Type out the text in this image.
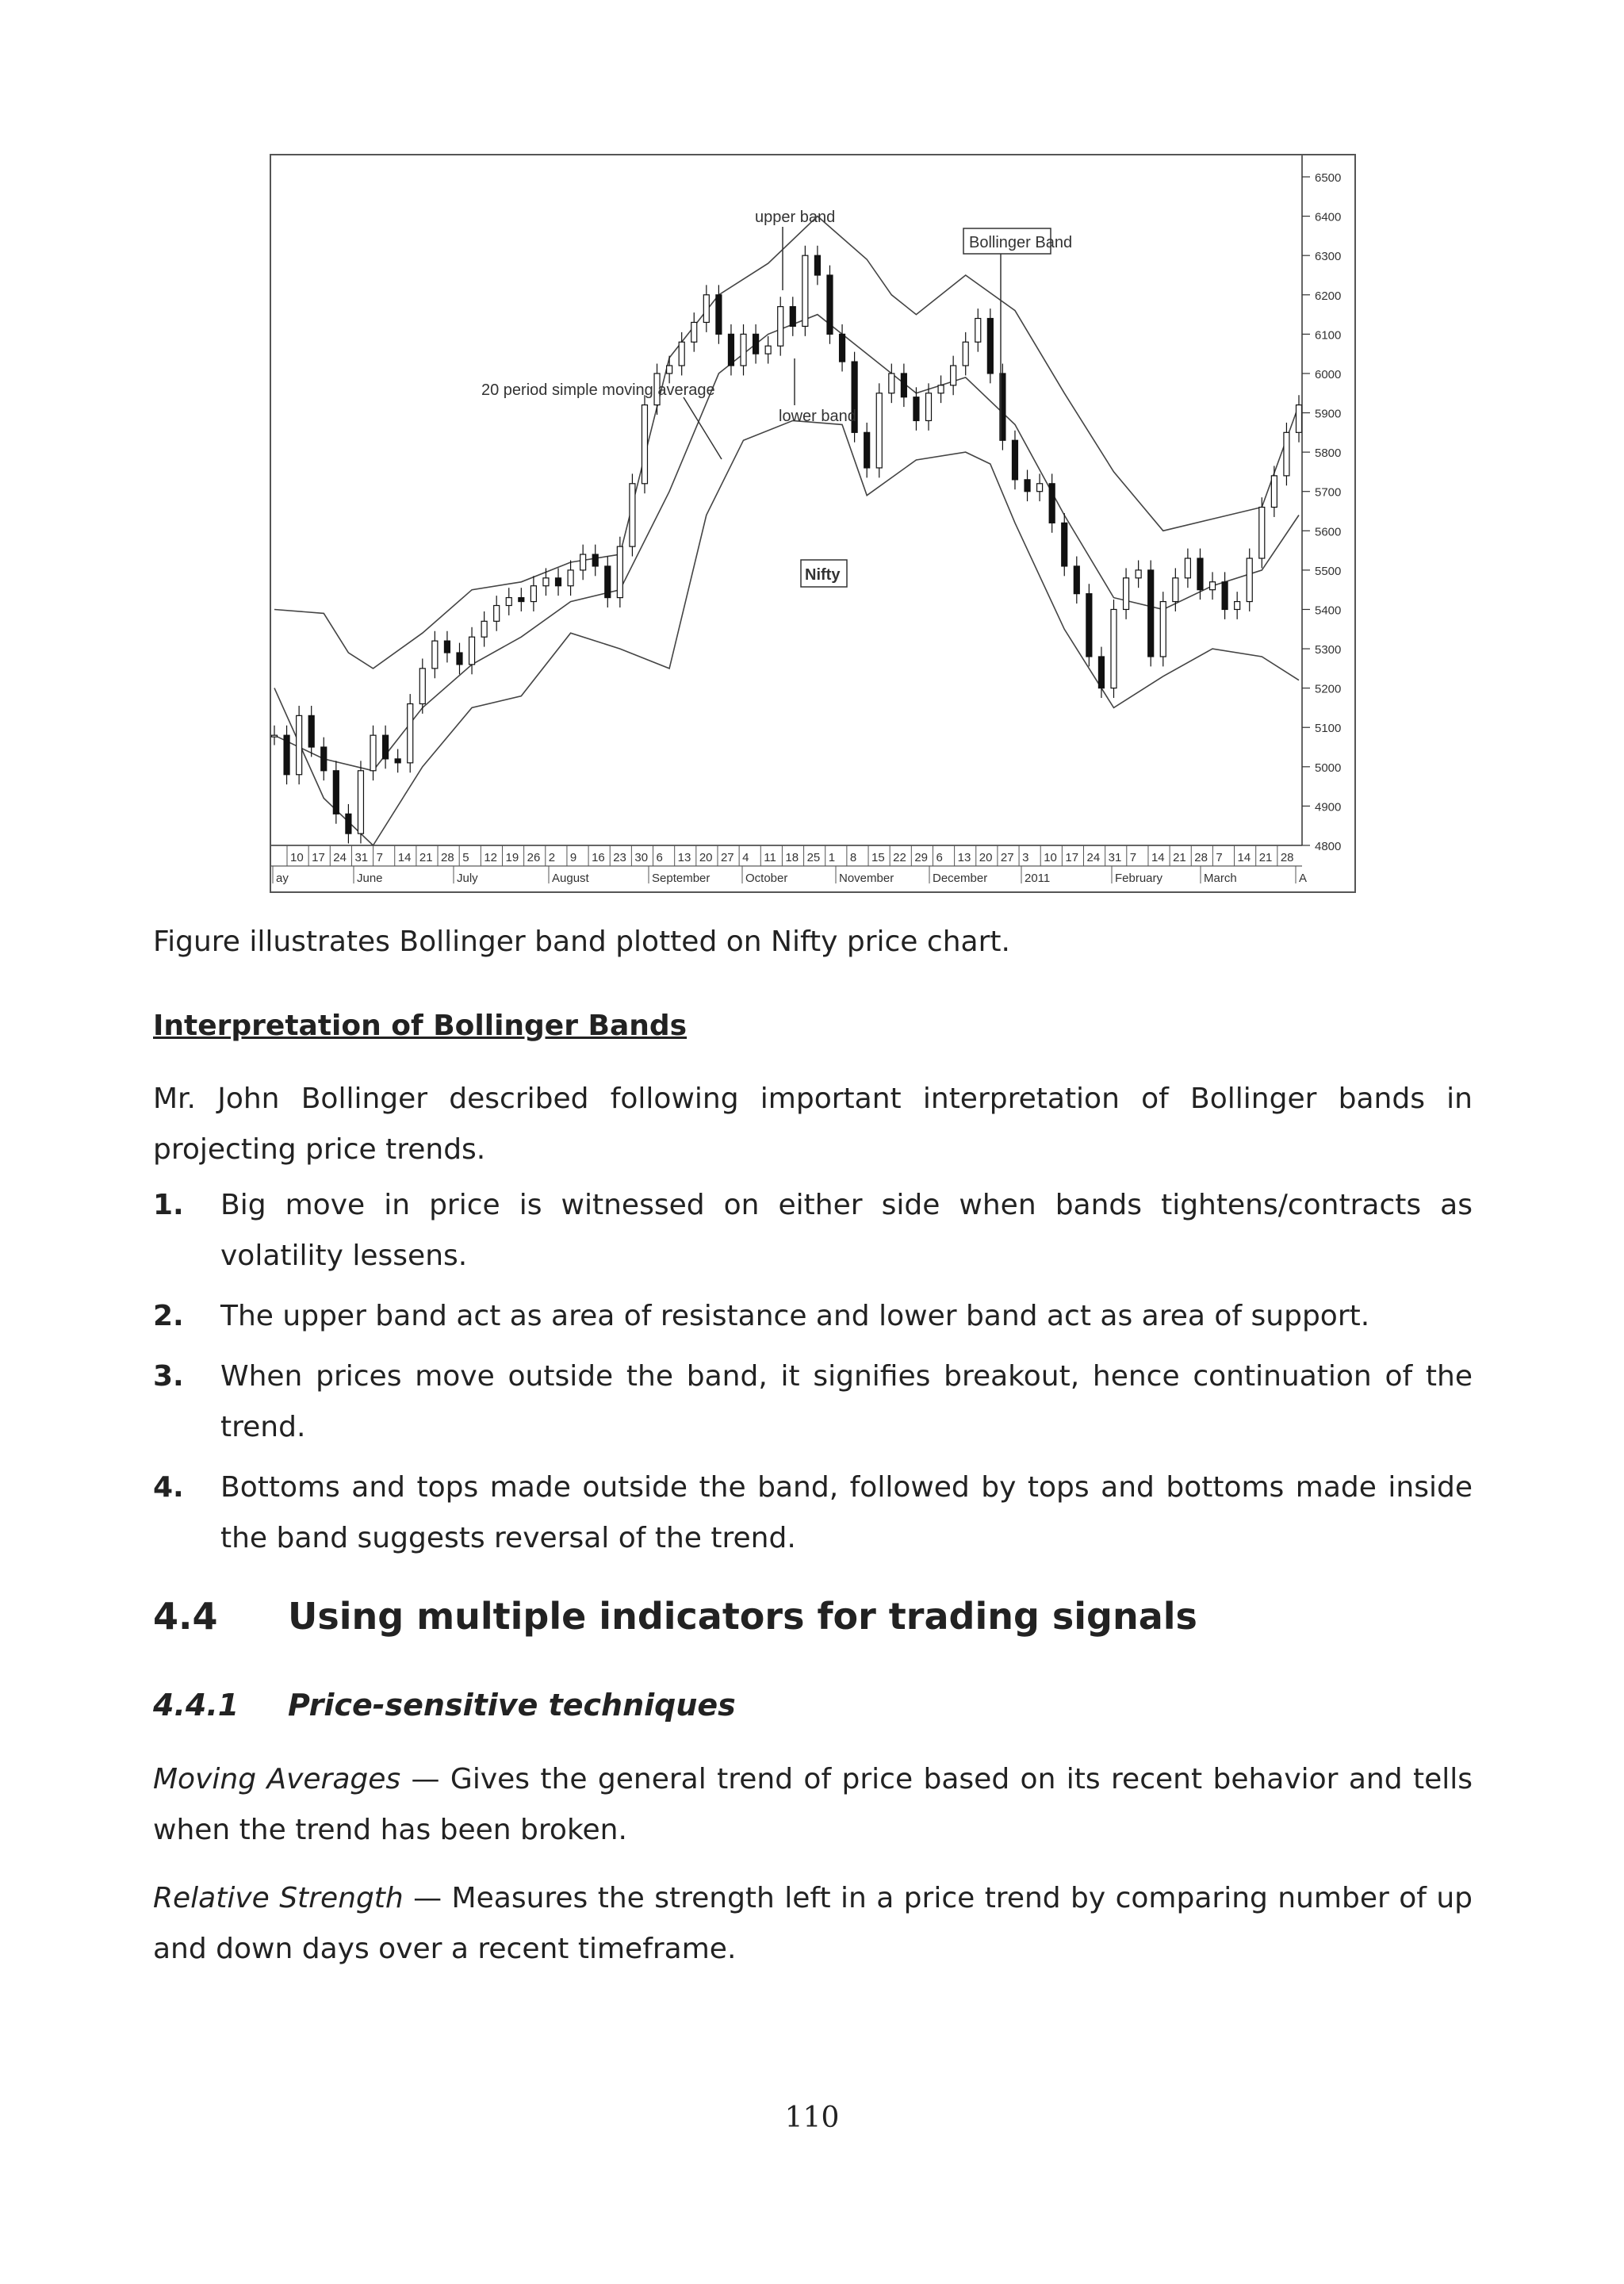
6500
6400
6300
6200
6100
6000
5900
5800
5700
5600
5500
5400
5300
5200
5100
5000
4900
4800
10 17 24 31 7 14 21 28 5 12 19 26 2 9 16 23 30 6 13 20 27 4 11 18 25 1 8 15 22 29 6 13 20 27 3 10 17 24 31 7 14 21 28 7 14 21 28
ay	June	July	August	September	October	November	December	2011	February	March	A
upper band
Bollinger Band
20 period simple moving average
lower band
Nifty
Figure illustrates Bollinger band plotted on Nifty price chart.
Interpretation of Bollinger Bands
Mr. John Bollinger described following important interpretation of Bollinger bands in projecting price trends.
1. Big move in price is witnessed on either side when bands tightens/contracts as volatility lessens.
2. The upper band act as area of resistance and lower band act as area of support.
3. When prices move outside the band, it signifies breakout, hence continuation of the trend.
4. Bottoms and tops made outside the band, followed by tops and bottoms made inside the band suggests reversal of the trend.
4.4 Using multiple indicators for trading signals
4.4.1 Price-sensitive techniques
Moving Averages — Gives the general trend of price based on its recent behavior and tells when the trend has been broken.
Relative Strength — Measures the strength left in a price trend by comparing number of up and down days over a recent timeframe.
110
